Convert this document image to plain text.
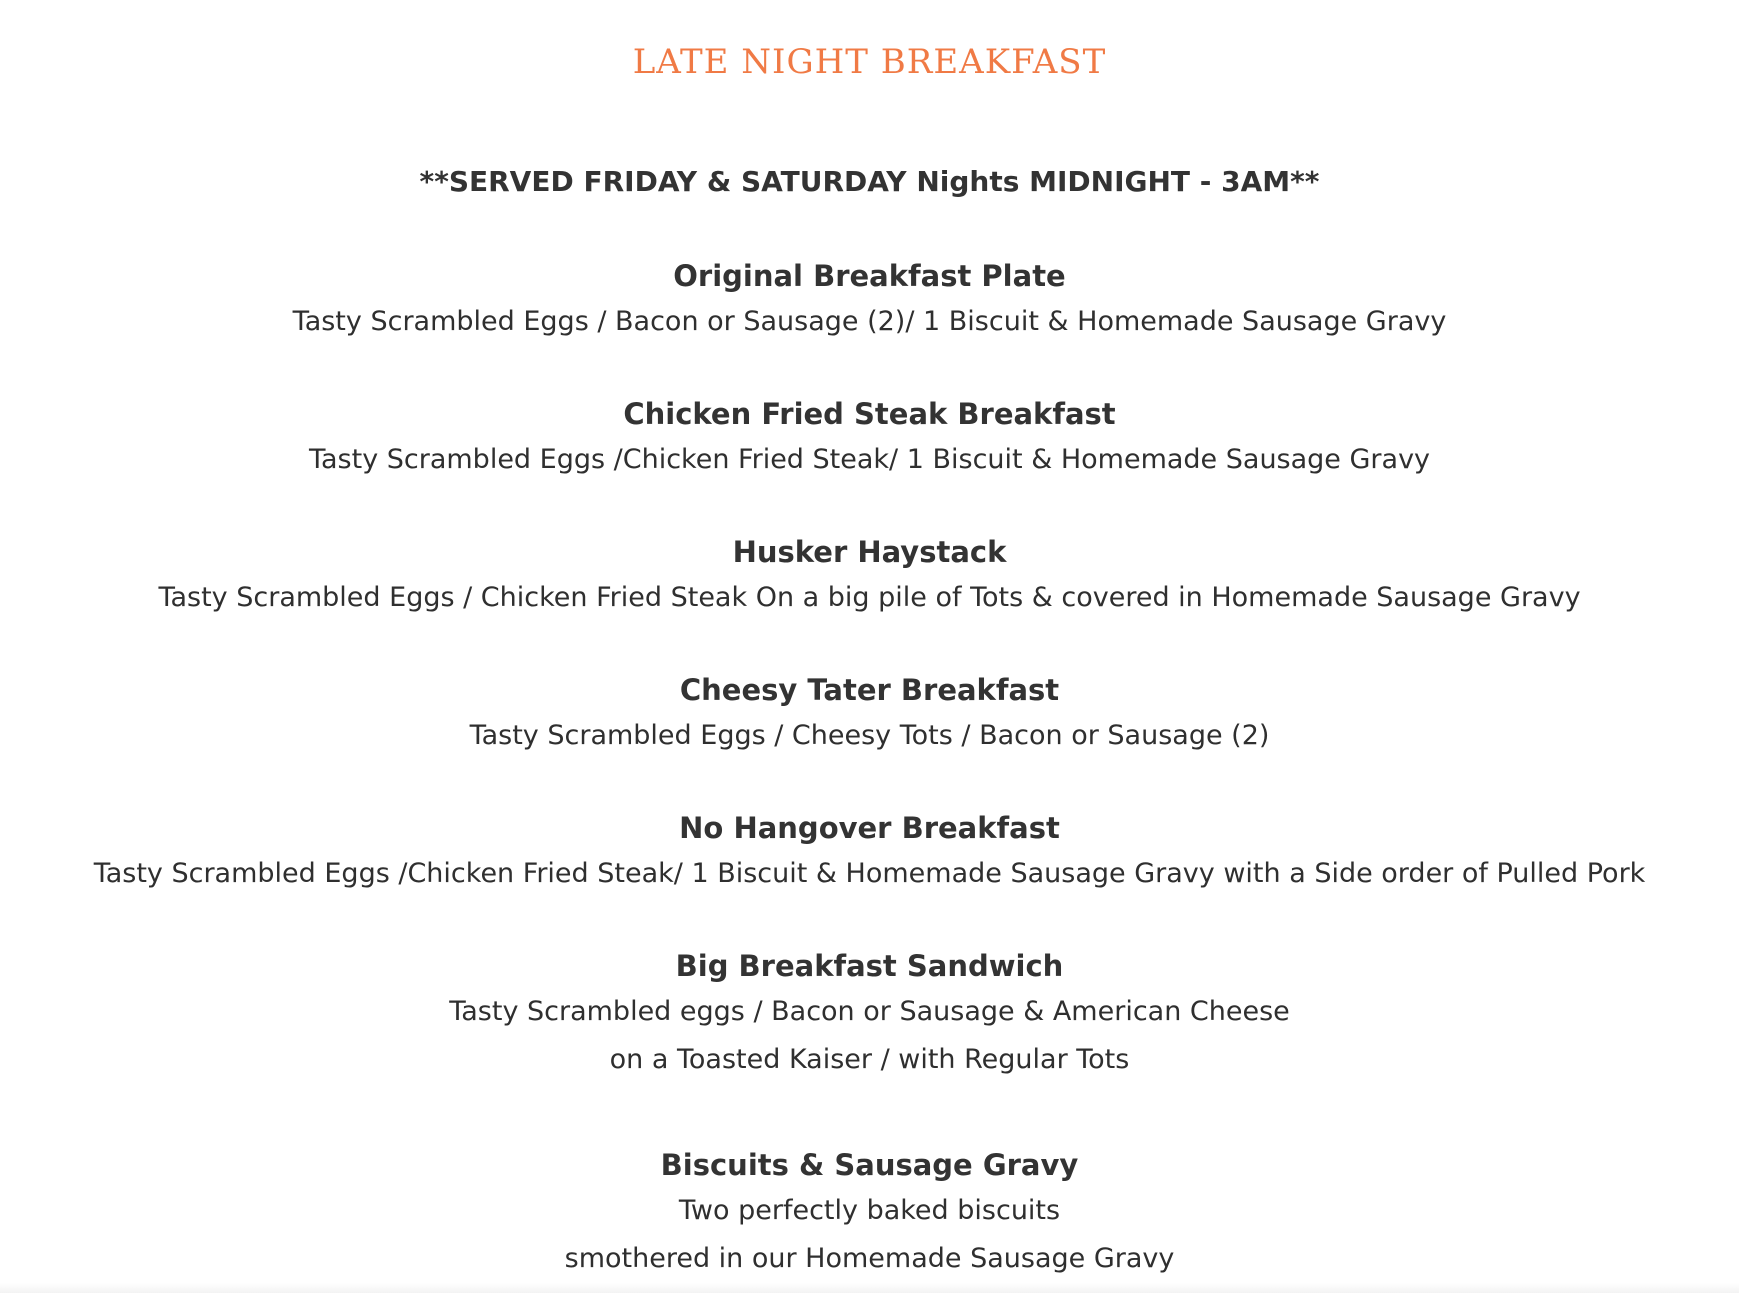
LATE NIGHT BREAKFAST
**SERVED FRIDAY & SATURDAY Nights MIDNIGHT - 3AM**
Original Breakfast Plate
Tasty Scrambled Eggs / Bacon or Sausage (2)/ 1 Biscuit & Homemade Sausage Gravy
Chicken Fried Steak Breakfast
Tasty Scrambled Eggs /Chicken Fried Steak/ 1 Biscuit & Homemade Sausage Gravy
Husker Haystack
Tasty Scrambled Eggs / Chicken Fried Steak On a big pile of Tots & covered in Homemade Sausage Gravy
Cheesy Tater Breakfast
Tasty Scrambled Eggs / Cheesy Tots / Bacon or Sausage (2)
No Hangover Breakfast
Tasty Scrambled Eggs /Chicken Fried Steak/ 1 Biscuit & Homemade Sausage Gravy with a Side order of Pulled Pork
Big Breakfast Sandwich
Tasty Scrambled eggs / Bacon or Sausage & American Cheese
on a Toasted Kaiser / with Regular Tots
Biscuits & Sausage Gravy
Two perfectly baked biscuits
smothered in our Homemade Sausage Gravy
